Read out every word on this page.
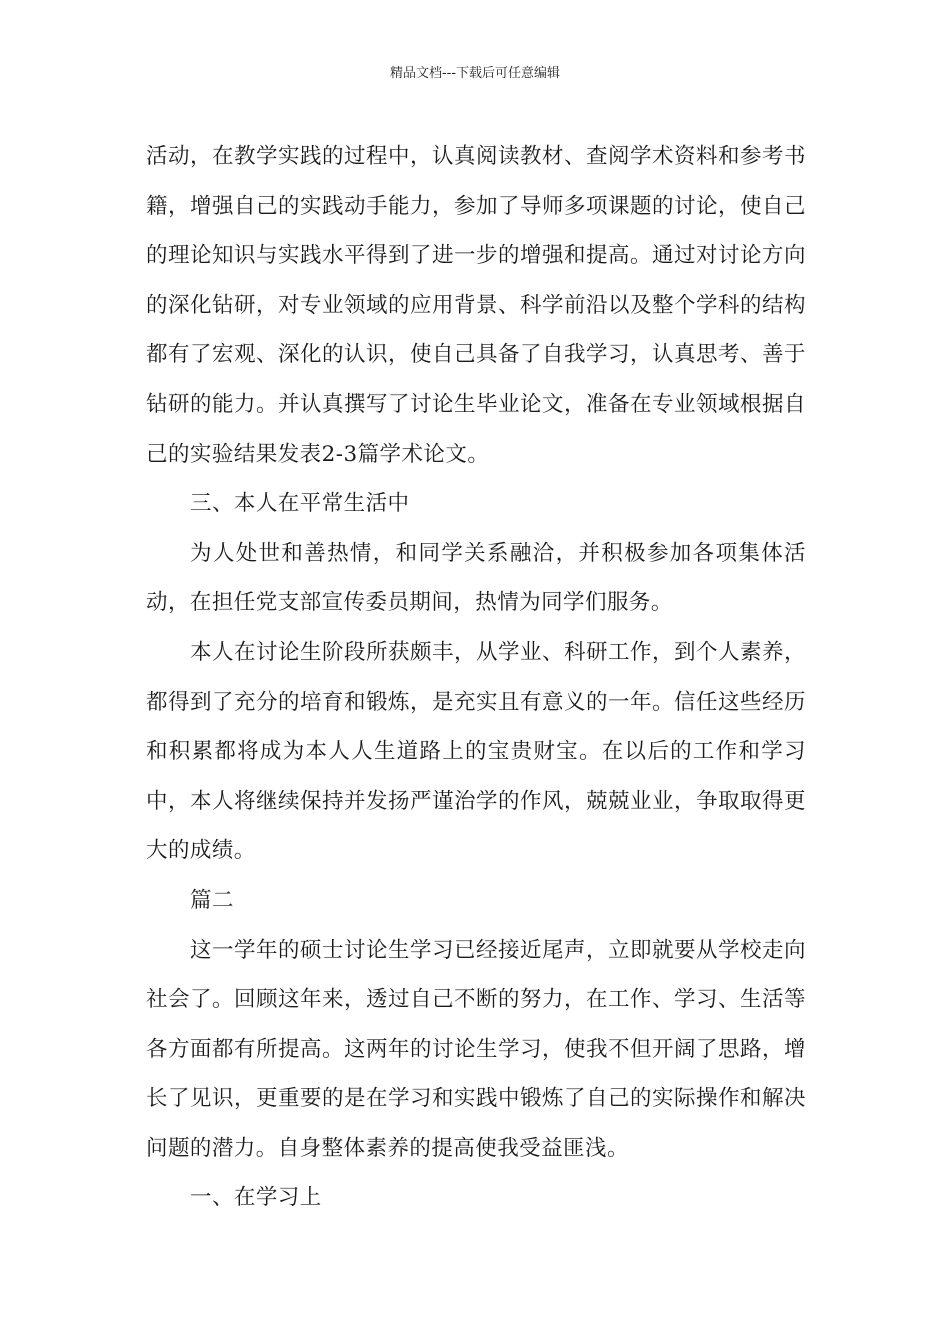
精品文档---下载后可任意编辑

活动，在教学实践的过程中，认真阅读教材、查阅学术资料和参考书籍，增强自己的实践动手能力，参加了导师多项课题的讨论，使自己的理论知识与实践水平得到了进一步的增强和提高。通过对讨论方向的深化钻研，对专业领域的应用背景、科学前沿以及整个学科的结构都有了宏观、深化的认识，使自己具备了自我学习，认真思考、善于钻研的能力。并认真撰写了讨论生毕业论文，准备在专业领域根据自己的实验结果发表2-3篇学术论文。

三、本人在平常生活中

为人处世和善热情，和同学关系融洽，并积极参加各项集体活动，在担任党支部宣传委员期间，热情为同学们服务。

本人在讨论生阶段所获颇丰，从学业、科研工作，到个人素养，都得到了充分的培育和锻炼，是充实且有意义的一年。信任这些经历和积累都将成为本人人生道路上的宝贵财宝。在以后的工作和学习中，本人将继续保持并发扬严谨治学的作风，兢兢业业，争取取得更大的成绩。

篇二

这一学年的硕士讨论生学习已经接近尾声，立即就要从学校走向社会了。回顾这年来，透过自己不断的努力，在工作、学习、生活等各方面都有所提高。这两年的讨论生学习，使我不但开阔了思路，增长了见识，更重要的是在学习和实践中锻炼了自己的实际操作和解决问题的潜力。自身整体素养的提高使我受益匪浅。

一、在学习上
